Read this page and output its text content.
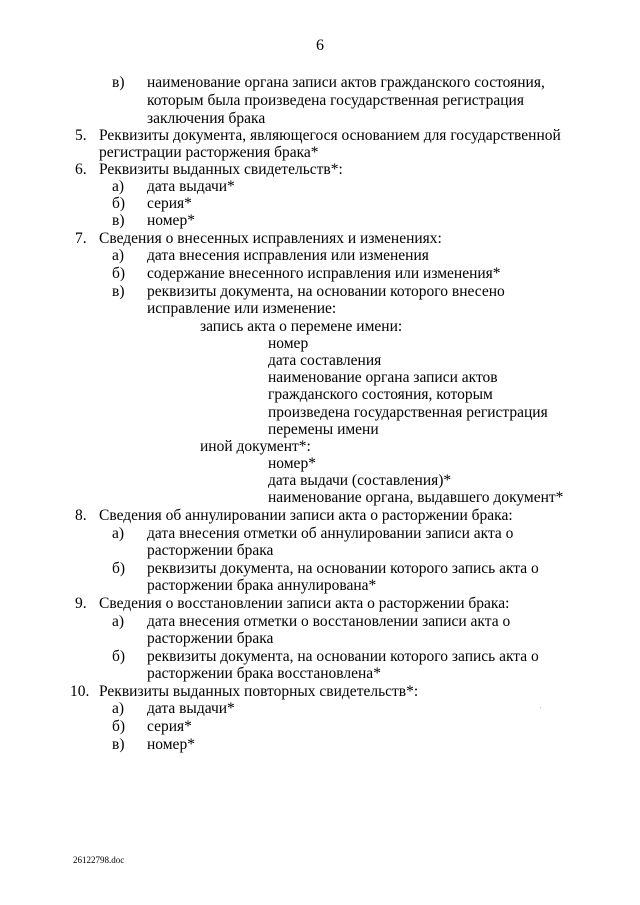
6
в) наименование органа записи актов гражданского состояния,
которым была произведена государственная регистрация
заключения брака
5. Реквизиты документа, являющегося основанием для государственной
регистрации расторжения брака*
6. Реквизиты выданных свидетельств*:
а) дата выдачи*
б) серия*
в) номер*
7. Сведения о внесенных исправлениях и изменениях:
а) дата внесения исправления или изменения
б) содержание внесенного исправления или изменения*
в) реквизиты документа, на основании которого внесено
исправление или изменение:
запись акта о перемене имени:
номер
дата составления
наименование органа записи актов
гражданского состояния, которым
произведена государственная регистрация
перемены имени
иной документ*:
номер*
дата выдачи (составления)*
наименование органа, выдавшего документ*
8. Сведения об аннулировании записи акта о расторжении брака:
а) дата внесения отметки об аннулировании записи акта о
расторжении брака
б) реквизиты документа, на основании которого запись акта о
расторжении брака аннулирована*
9. Сведения о восстановлении записи акта о расторжении брака:
а) дата внесения отметки о восстановлении записи акта о
расторжении брака
б) реквизиты документа, на основании которого запись акта о
расторжении брака восстановлена*
10. Реквизиты выданных повторных свидетельств*:
а) дата выдачи*
б) серия*
в) номер*
26122798.doc
